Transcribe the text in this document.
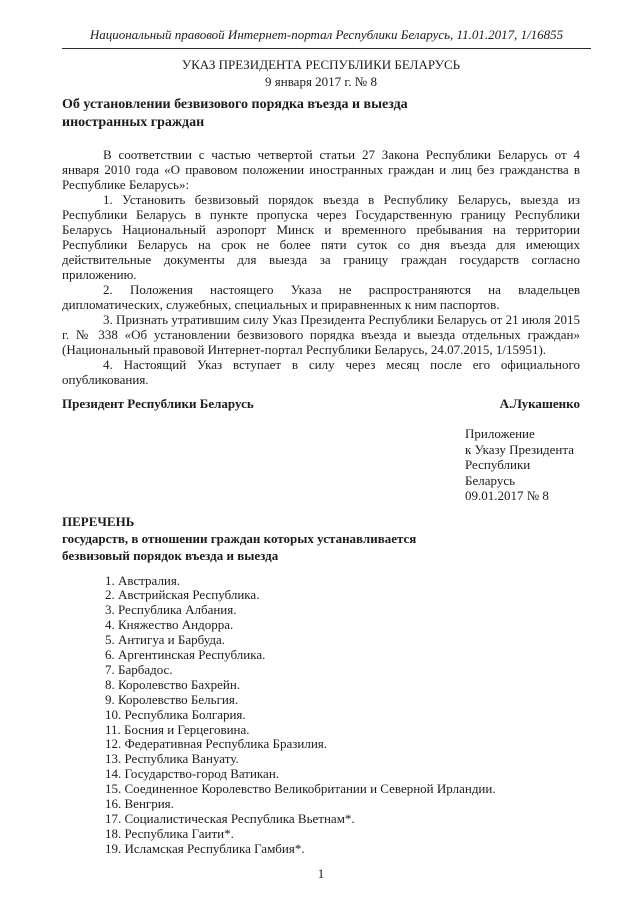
Национальный правовой Интернет-портал Республики Беларусь, 11.01.2017, 1/16855
УКАЗ ПРЕЗИДЕНТА РЕСПУБЛИКИ БЕЛАРУСЬ
9 января 2017 г. № 8
Об установлении безвизового порядка въезда и выезда
иностранных граждан

В соответствии с частью четвертой статьи 27 Закона Республики Беларусь от 4 января 2010 года «О правовом положении иностранных граждан и лиц без гражданства в Республике Беларусь»:

1. Установить безвизовый порядок въезда в Республику Беларусь, выезда из Республики Беларусь в пункте пропуска через Государственную границу Республики Беларусь Национальный аэропорт Минск и временного пребывания на территории Республики Беларусь на срок не более пяти суток со дня въезда для имеющих действительные документы для выезда за границу граждан государств согласно приложению.

2. Положения настоящего Указа не распространяются на владельцев дипломатических, служебных, специальных и приравненных к ним паспортов.

3. Признать утратившим силу Указ Президента Республики Беларусь от 21 июля 2015 г. № 338 «Об установлении безвизового порядка въезда и выезда отдельных граждан» (Национальный правовой Интернет-портал Республики Беларусь, 24.07.2015, 1/15951).

4. Настоящий Указ вступает в силу через месяц после его официального опубликования.

Президент Республики Беларусь	А.Лукашенко
Приложение
к Указу Президента
Республики Беларусь
09.01.2017 № 8
ПЕРЕЧЕНЬ
государств, в отношении граждан которых устанавливается
безвизовый порядок въезда и выезда
1. Австралия.
2. Австрийская Республика.
3. Республика Албания.
4. Княжество Андорра.
5. Антигуа и Барбуда.
6. Аргентинская Республика.
7. Барбадос.
8. Королевство Бахрейн.
9. Королевство Бельгия.
10. Республика Болгария.
11. Босния и Герцеговина.
12. Федеративная Республика Бразилия.
13. Республика Вануату.
14. Государство-город Ватикан.
15. Соединенное Королевство Великобритании и Северной Ирландии.
16. Венгрия.
17. Социалистическая Республика Вьетнам*.
18. Республика Гаити*.
19. Исламская Республика Гамбия*.
1
